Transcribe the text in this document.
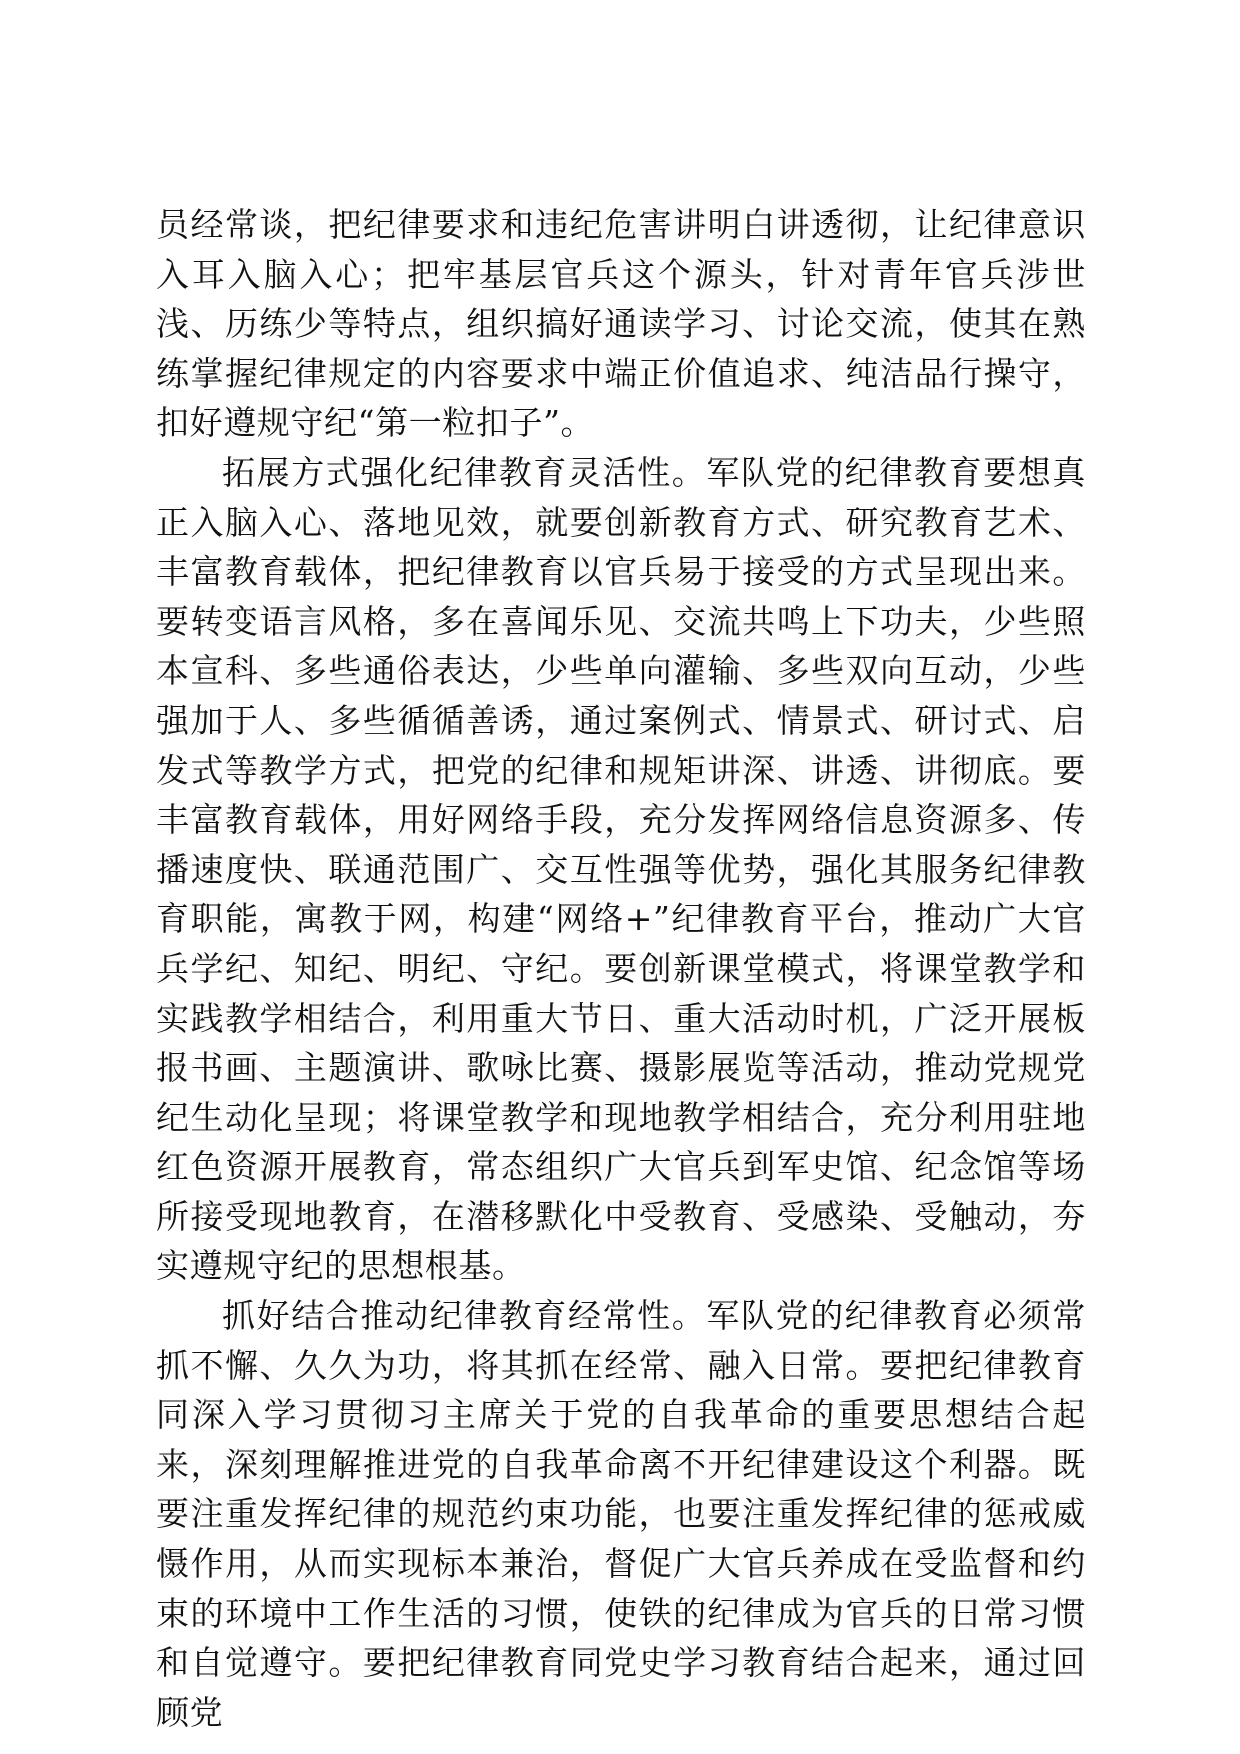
员经常谈，把纪律要求和违纪危害讲明白讲透彻，让纪律意识入耳入脑入心；把牢基层官兵这个源头，针对青年官兵涉世浅、历练少等特点，组织搞好通读学习、讨论交流，使其在熟练掌握纪律规定的内容要求中端正价值追求、纯洁品行操守，扣好遵规守纪“第一粒扣子”。

拓展方式强化纪律教育灵活性。军队党的纪律教育要想真正入脑入心、落地见效，就要创新教育方式、研究教育艺术、丰富教育载体，把纪律教育以官兵易于接受的方式呈现出来。要转变语言风格，多在喜闻乐见、交流共鸣上下功夫，少些照本宣科、多些通俗表达，少些单向灌输、多些双向互动，少些强加于人、多些循循善诱，通过案例式、情景式、研讨式、启发式等教学方式，把党的纪律和规矩讲深、讲透、讲彻底。要丰富教育载体，用好网络手段，充分发挥网络信息资源多、传播速度快、联通范围广、交互性强等优势，强化其服务纪律教育职能，寓教于网，构建“网络+”纪律教育平台，推动广大官兵学纪、知纪、明纪、守纪。要创新课堂模式，将课堂教学和实践教学相结合，利用重大节日、重大活动时机，广泛开展板报书画、主题演讲、歌咏比赛、摄影展览等活动，推动党规党纪生动化呈现；将课堂教学和现地教学相结合，充分利用驻地红色资源开展教育，常态组织广大官兵到军史馆、纪念馆等场所接受现地教育，在潜移默化中受教育、受感染、受触动，夯实遵规守纪的思想根基。

抓好结合推动纪律教育经常性。军队党的纪律教育必须常抓不懈、久久为功，将其抓在经常、融入日常。要把纪律教育同深入学习贯彻习主席关于党的自我革命的重要思想结合起来，深刻理解推进党的自我革命离不开纪律建设这个利器。既要注重发挥纪律的规范约束功能，也要注重发挥纪律的惩戒威慑作用，从而实现标本兼治，督促广大官兵养成在受监督和约束的环境中工作生活的习惯，使铁的纪律成为官兵的日常习惯和自觉遵守。要把纪律教育同党史学习教育结合起来，通过回顾党
